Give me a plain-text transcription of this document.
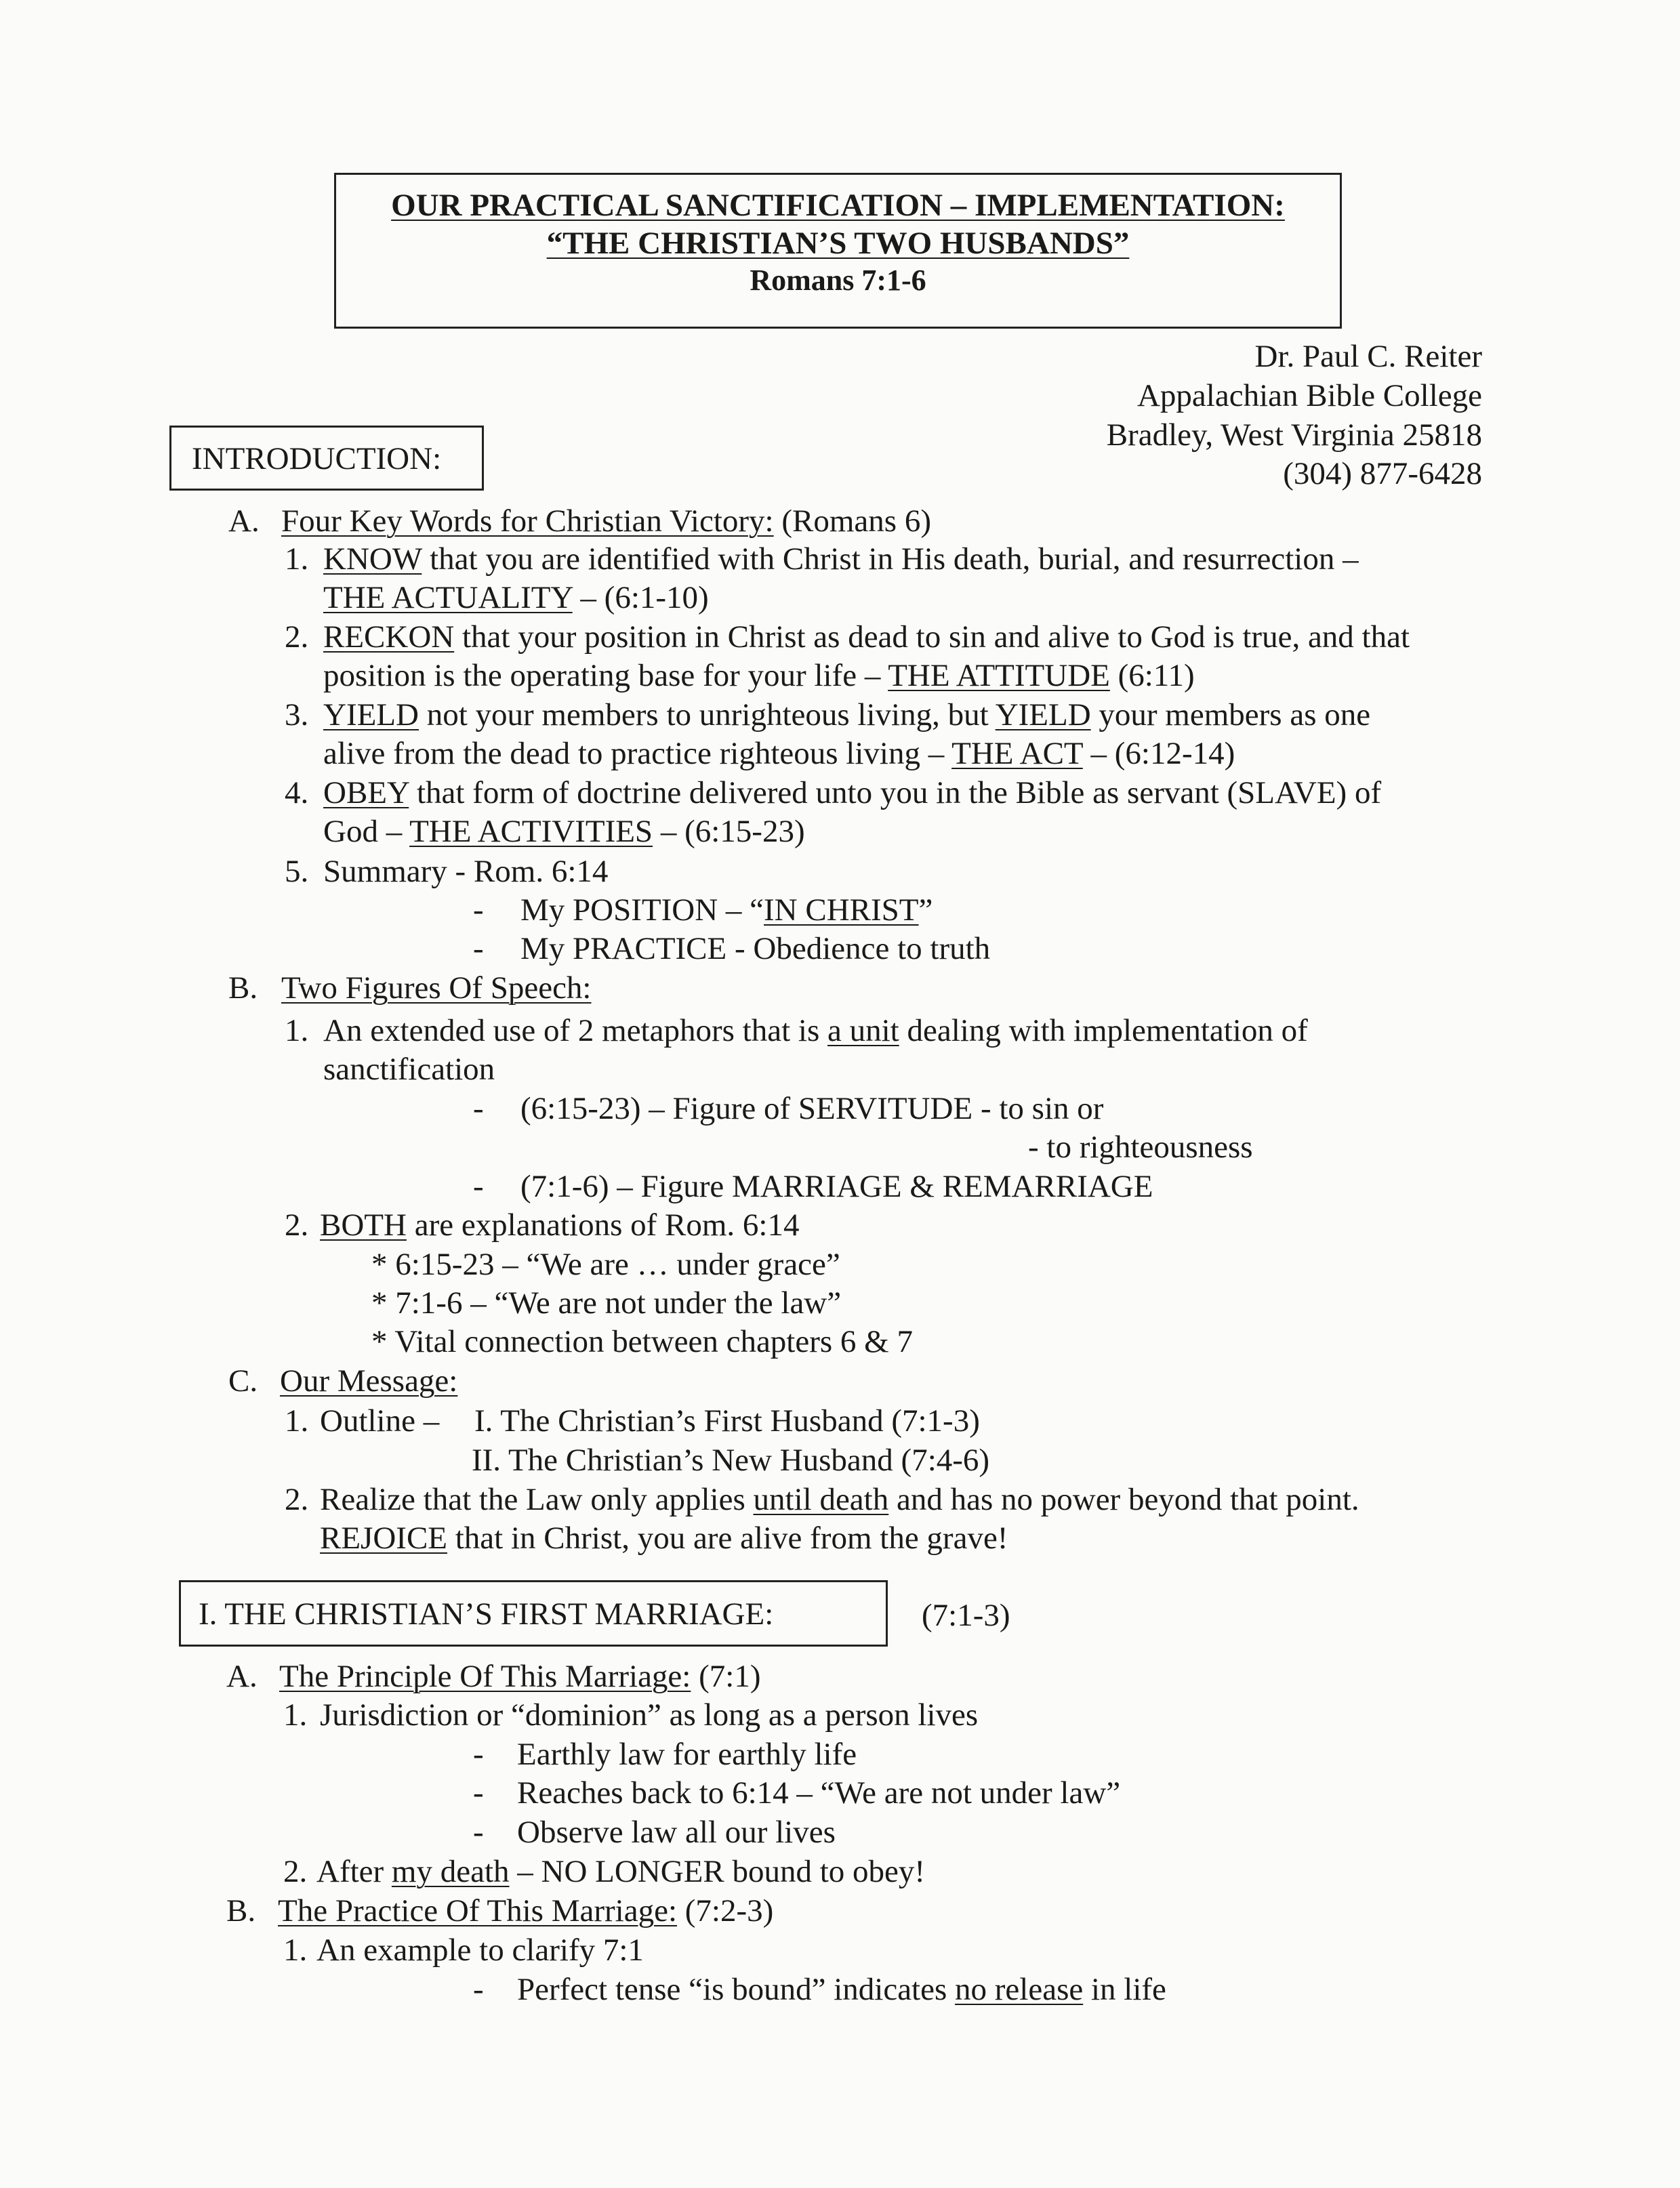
OUR PRACTICAL SANCTIFICATION – IMPLEMENTATION:
“THE CHRISTIAN’S TWO HUSBANDS”
Romans 7:1-6
Dr. Paul C. Reiter
Appalachian Bible College
Bradley, West Virginia 25818
(304) 877-6428
INTRODUCTION:
A. Four Key Words for Christian Victory: (Romans 6)
1. KNOW that you are identified with Christ in His death, burial, and resurrection –
THE ACTUALITY – (6:1-10)
2. RECKON that your position in Christ as dead to sin and alive to God is true, and that
position is the operating base for your life – THE ATTITUDE (6:11)
3. YIELD not your members to unrighteous living, but YIELD your members as one
alive from the dead to practice righteous living – THE ACT – (6:12-14)
4. OBEY that form of doctrine delivered unto you in the Bible as servant (SLAVE) of
God – THE ACTIVITIES – (6:15-23)
5. Summary - Rom. 6:14
- My POSITION – “IN CHRIST”
- My PRACTICE - Obedience to truth
B. Two Figures Of Speech:
1. An extended use of 2 metaphors that is a unit dealing with implementation of
sanctification
- (6:15-23) – Figure of SERVITUDE - to sin or
- to righteousness
- (7:1-6) – Figure MARRIAGE & REMARRIAGE
2. BOTH are explanations of Rom. 6:14
* 6:15-23 – “We are … under grace”
* 7:1-6 – “We are not under the law”
* Vital connection between chapters 6 & 7
C. Our Message:
1. Outline – I. The Christian’s First Husband (7:1-3)
II. The Christian’s New Husband (7:4-6)
2. Realize that the Law only applies until death and has no power beyond that point.
REJOICE that in Christ, you are alive from the grave!
I. THE CHRISTIAN’S FIRST MARRIAGE:	(7:1-3)
A. The Principle Of This Marriage: (7:1)
1. Jurisdiction or “dominion” as long as a person lives
- Earthly law for earthly life
- Reaches back to 6:14 – “We are not under law”
- Observe law all our lives
2. After my death – NO LONGER bound to obey!
B. The Practice Of This Marriage: (7:2-3)
1. An example to clarify 7:1
- Perfect tense “is bound” indicates no release in life
